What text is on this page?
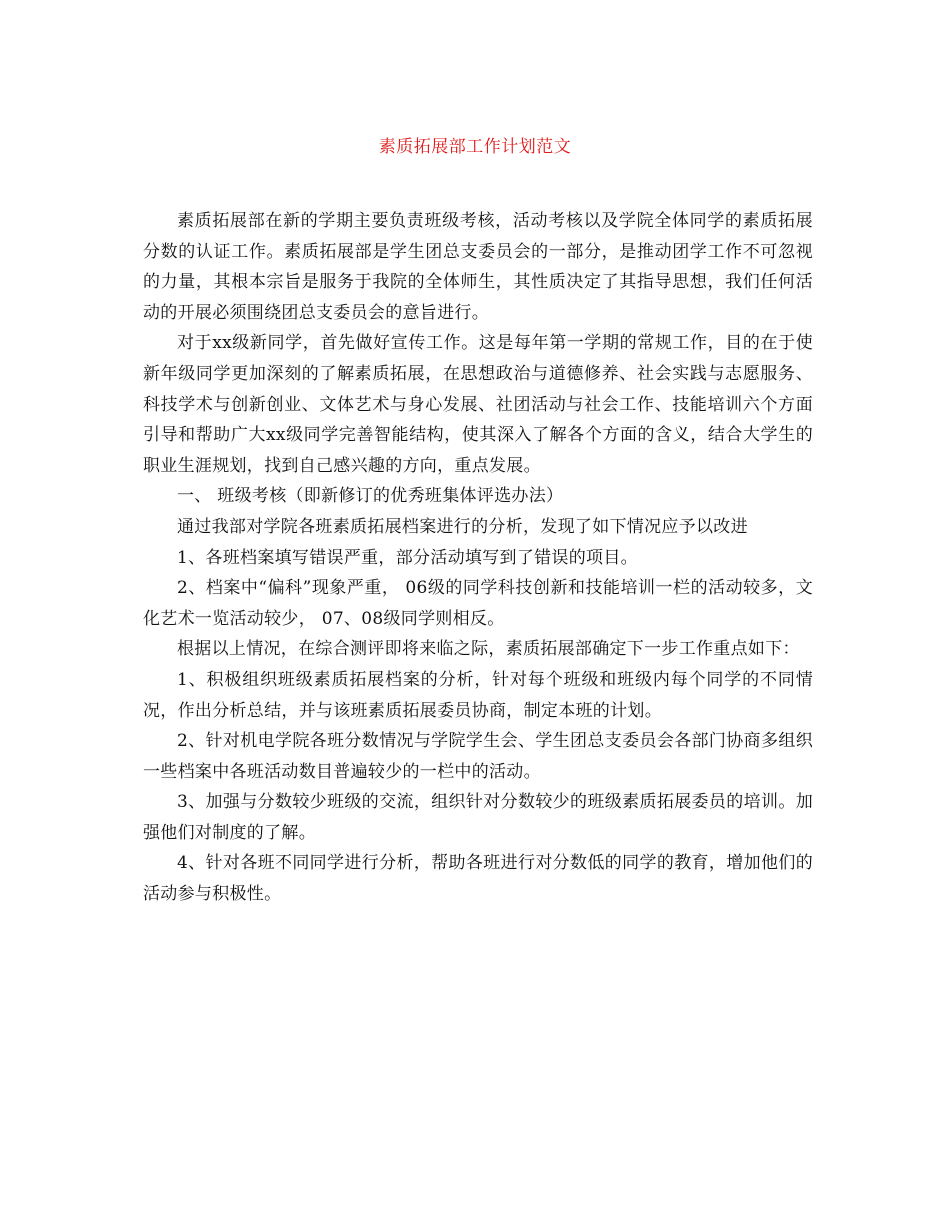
素质拓展部工作计划范文

素质拓展部在新的学期主要负责班级考核，活动考核以及学院全体同学的素质拓展分数的认证工作。素质拓展部是学生团总支委员会的一部分，是推动团学工作不可忽视的力量，其根本宗旨是服务于我院的全体师生，其性质决定了其指导思想，我们任何活动的开展必须围绕团总支委员会的意旨进行。

对于xx级新同学，首先做好宣传工作。这是每年第一学期的常规工作，目的在于使新年级同学更加深刻的了解素质拓展，在思想政治与道德修养、社会实践与志愿服务、科技学术与创新创业、文体艺术与身心发展、社团活动与社会工作、技能培训六个方面引导和帮助广大xx级同学完善智能结构，使其深入了解各个方面的含义，结合大学生的职业生涯规划，找到自己感兴趣的方向，重点发展。

一、 班级考核（即新修订的优秀班集体评选办法）

通过我部对学院各班素质拓展档案进行的分析，发现了如下情况应予以改进

1、各班档案填写错误严重，部分活动填写到了错误的项目。

2、档案中“偏科”现象严重， 06级的同学科技创新和技能培训一栏的活动较多，文化艺术一览活动较少， 07、08级同学则相反。

根据以上情况，在综合测评即将来临之际，素质拓展部确定下一步工作重点如下：

1、积极组织班级素质拓展档案的分析，针对每个班级和班级内每个同学的不同情况，作出分析总结，并与该班素质拓展委员协商，制定本班的计划。

2、针对机电学院各班分数情况与学院学生会、学生团总支委员会各部门协商多组织一些档案中各班活动数目普遍较少的一栏中的活动。

3、加强与分数较少班级的交流，组织针对分数较少的班级素质拓展委员的培训。加强他们对制度的了解。

4、针对各班不同同学进行分析，帮助各班进行对分数低的同学的教育，增加他们的活动参与积极性。
